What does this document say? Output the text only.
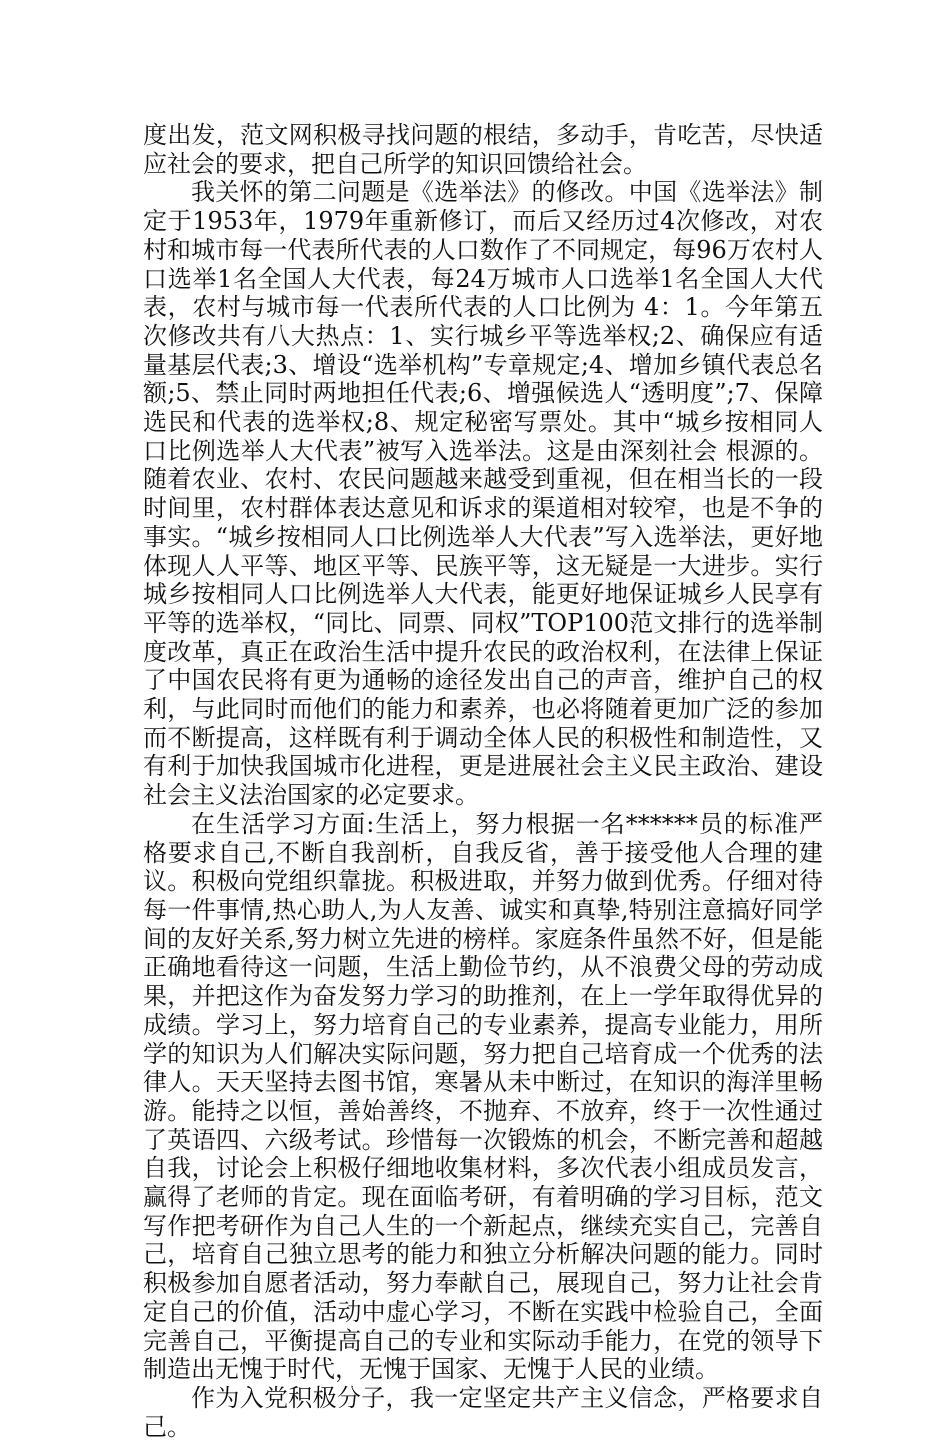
度出发，范文网积极寻找问题的根结，多动手，肯吃苦，尽快适应社会的要求，把自己所学的知识回馈给社会。

我关怀的第二问题是《选举法》的修改。中国《选举法》制定于1953年，1979年重新修订，而后又经历过4次修改，对农村和城市每一代表所代表的人口数作了不同规定，每96万农村人口选举1名全国人大代表，每24万城市人口选举1名全国人大代表，农村与城市每一代表所代表的人口比例为 4：1。今年第五次修改共有八大热点：1、实行城乡平等选举权;2、确保应有适量基层代表;3、增设“选举机构”专章规定;4、增加乡镇代表总名额;5、禁止同时两地担任代表;6、增强候选人“透明度”;7、保障选民和代表的选举权;8、规定秘密写票处。其中“城乡按相同人口比例选举人大代表”被写入选举法。这是由深刻社会 根源的。随着农业、农村、农民问题越来越受到重视，但在相当长的一段时间里，农村群体表达意见和诉求的渠道相对较窄，也是不争的事实。“城乡按相同人口比例选举人大代表”写入选举法，更好地体现人人平等、地区平等、民族平等，这无疑是一大进步。实行城乡按相同人口比例选举人大代表，能更好地保证城乡人民享有平等的选举权，“同比、同票、同权”TOP100范文排行的选举制度改革，真正在政治生活中提升农民的政治权利，在法律上保证了中国农民将有更为通畅的途径发出自己的声音，维护自己的权利，与此同时而他们的能力和素养，也必将随着更加广泛的参加而不断提高，这样既有利于调动全体人民的积极性和制造性，又有利于加快我国城市化进程，更是进展社会主义民主政治、建设社会主义法治国家的必定要求。

在生活学习方面:生活上，努力根据一名******员的标准严格要求自己,不断自我剖析，自我反省，善于接受他人合理的建议。积极向党组织靠拢。积极进取，并努力做到优秀。仔细对待每一件事情,热心助人,为人友善、诚实和真挚,特别注意搞好同学间的友好关系,努力树立先进的榜样。家庭条件虽然不好，但是能正确地看待这一问题，生活上勤俭节约，从不浪费父母的劳动成果，并把这作为奋发努力学习的助推剂，在上一学年取得优异的成绩。学习上，努力培育自己的专业素养，提高专业能力，用所学的知识为人们解决实际问题，努力把自己培育成一个优秀的法律人。天天坚持去图书馆，寒暑从未中断过，在知识的海洋里畅游。能持之以恒，善始善终，不抛弃、不放弃，终于一次性通过了英语四、六级考试。珍惜每一次锻炼的机会，不断完善和超越自我，讨论会上积极仔细地收集材料，多次代表小组成员发言，赢得了老师的肯定。现在面临考研，有着明确的学习目标，范文写作把考研作为自己人生的一个新起点，继续充实自己，完善自己，培育自己独立思考的能力和独立分析解决问题的能力。同时积极参加自愿者活动，努力奉献自己，展现自己，努力让社会肯定自己的价值，活动中虚心学习，不断在实践中检验自己，全面完善自己，平衡提高自己的专业和实际动手能力，在党的领导下制造出无愧于时代，无愧于国家、无愧于人民的业绩。

作为入党积极分子，我一定坚定共产主义信念，严格要求自己。
